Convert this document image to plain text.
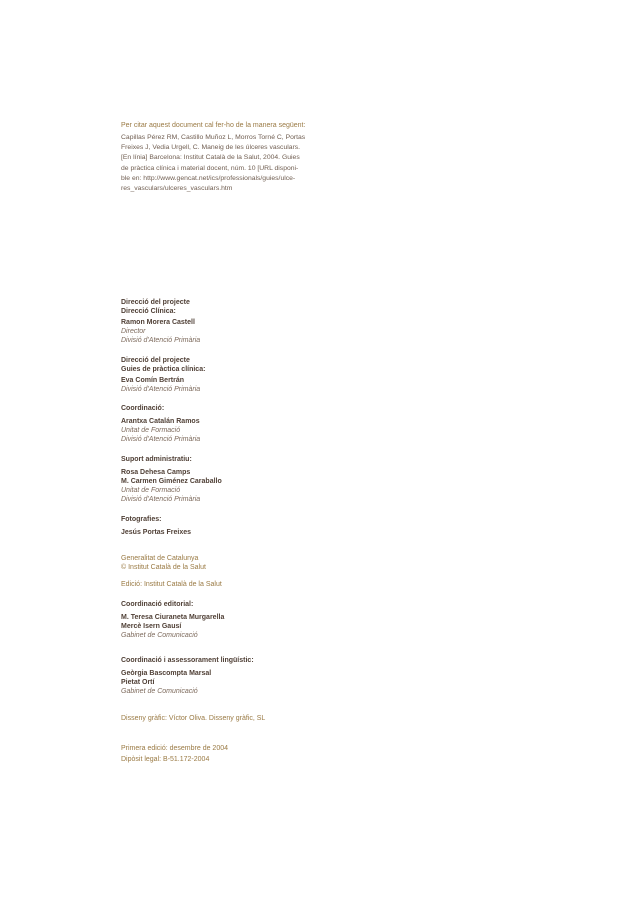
Per citar aquest document cal fer-ho de la manera següent:
Capillas Pérez RM, Castillo Muñoz L, Morros Torné C, Portas
Freixes J, Vedia Urgell, C. Maneig de les úlceres vasculars.
[En línia] Barcelona: Institut Català de la Salut, 2004. Guies
de pràctica clínica i material docent, núm. 10 [URL disponi-
ble en: http://www.gencat.net/ics/professionals/guies/ulce-
res_vasculars/ulceres_vasculars.htm
Direcció del projecte
Direcció Clínica:
Ramon Morera Castell
Director
Divisió d'Atenció Primària
Direcció del projecte
Guies de pràctica clínica:
Eva Comín Bertrán
Divisió d'Atenció Primària
Coordinació:
Arantxa Catalán Ramos
Unitat de Formació
Divisió d'Atenció Primària
Suport administratiu:
Rosa Dehesa Camps
M. Carmen Giménez Caraballo
Unitat de Formació
Divisió d'Atenció Primària
Fotografies:
Jesús Portas Freixes
Generalitat de Catalunya
© Institut Català de la Salut
Edició: Institut Català de la Salut
Coordinació editorial:
M. Teresa Ciuraneta Murgarella
Mercè Isern Gausí
Gabinet de Comunicació
Coordinació i assessorament lingüístic:
Geòrgia Bascompta Marsal
Pietat Ortí
Gabinet de Comunicació
Disseny gràfic: Víctor Oliva. Disseny gràfic, SL
Primera edició: desembre de 2004
Dipòsit legal: B-51.172-2004
